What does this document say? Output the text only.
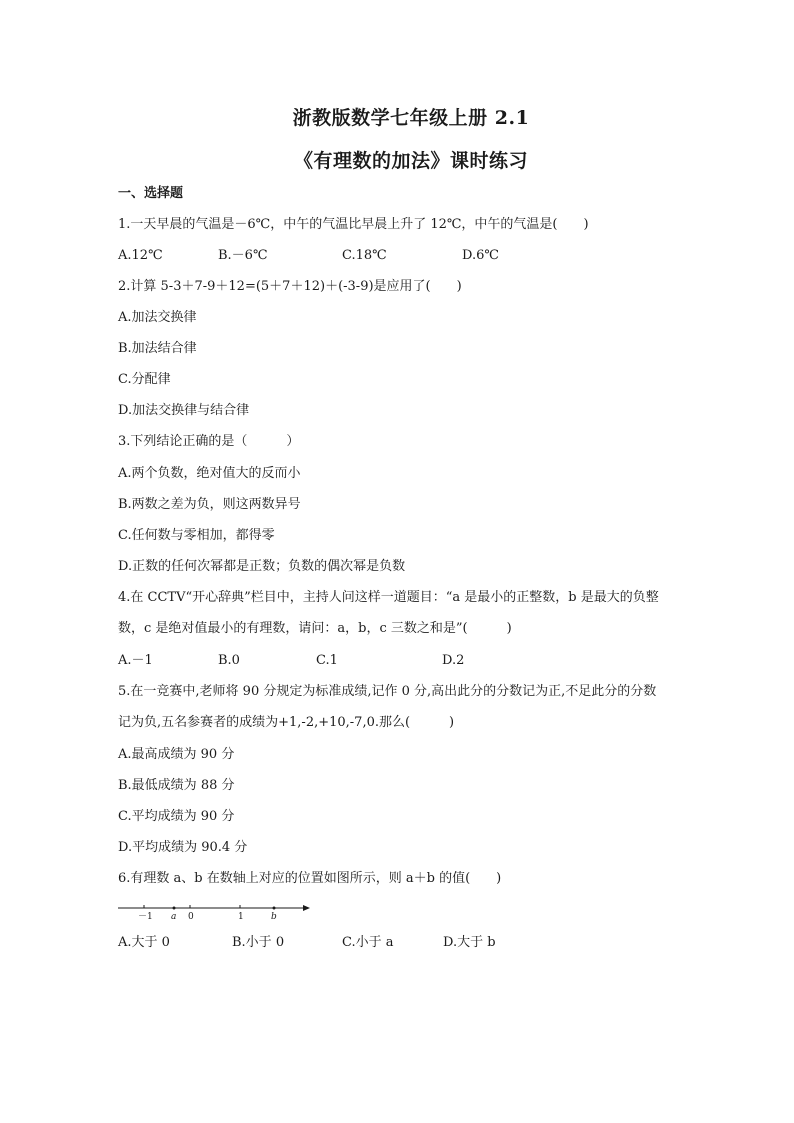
浙教版数学七年级上册 2.1
《有理数的加法》课时练习
一、选择题
1.一天早晨的气温是－6℃，中午的气温比早晨上升了 12℃，中午的气温是(　　)
A.12℃	B.－6℃	C.18℃	D.6℃
2.计算 5-3＋7-9＋12=(5＋7＋12)＋(-3-9)是应用了(　　)
A.加法交换律
B.加法结合律
C.分配律
D.加法交换律与结合律
3.下列结论正确的是（　　　）
A.两个负数，绝对值大的反而小
B.两数之差为负，则这两数异号
C.任何数与零相加，都得零
D.正数的任何次幂都是正数；负数的偶次幂是负数
4.在 CCTV“开心辞典”栏目中，主持人问这样一道题目：“a 是最小的正整数，b 是最大的负整
数，c 是绝对值最小的有理数，请问：a，b，c 三数之和是”(　　　)
A.－1	B.0	C.1	D.2
5.在一竞赛中,老师将 90 分规定为标准成绩,记作 0 分,高出此分的分数记为正,不足此分的分数
记为负,五名参赛者的成绩为+1,-2,+10,-7,0.那么(　　　)
A.最高成绩为 90 分
B.最低成绩为 88 分
C.平均成绩为 90 分
D.平均成绩为 90.4 分
6.有理数 a、b 在数轴上对应的位置如图所示，则 a＋b 的值(　　)
－1 a 0	1	b
A.大于 0	B.小于 0	C.小于 a	D.大于 b
